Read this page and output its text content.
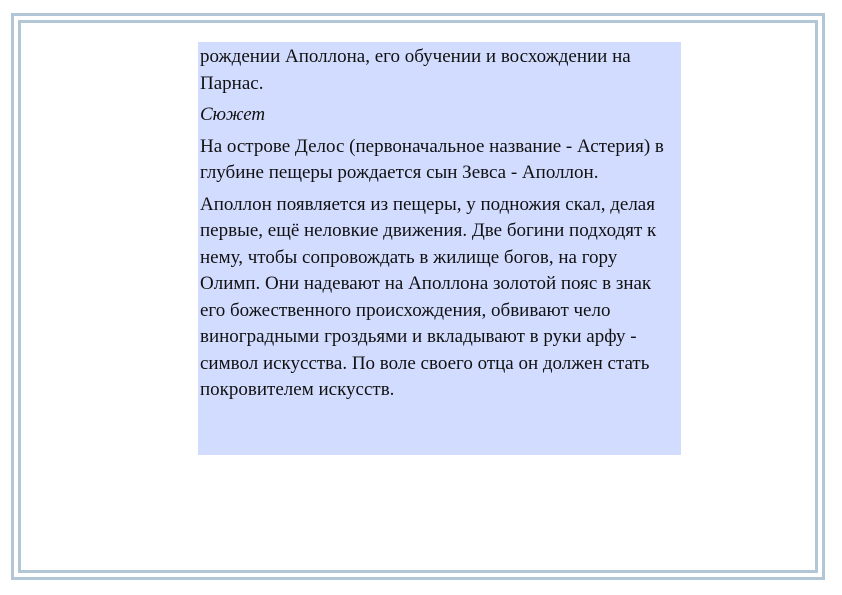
рождении Аполлона, его обучении и восхождении на Парнас.

Сюжет

На острове Делос (первоначальное название - Астерия) в глубине пещеры рождается сын Зевса - Аполлон.

Аполлон появляется из пещеры, у подножия скал, делая первые, ещё неловкие движения. Две богини подходят к нему, чтобы сопровождать в жилище богов, на гору Олимп. Они надевают на Аполлона золотой пояс в знак его божественного происхождения, обвивают чело виноградными гроздьями и вкладывают в руки арфу - символ искусства. По воле своего отца он должен стать покровителем искусств.
